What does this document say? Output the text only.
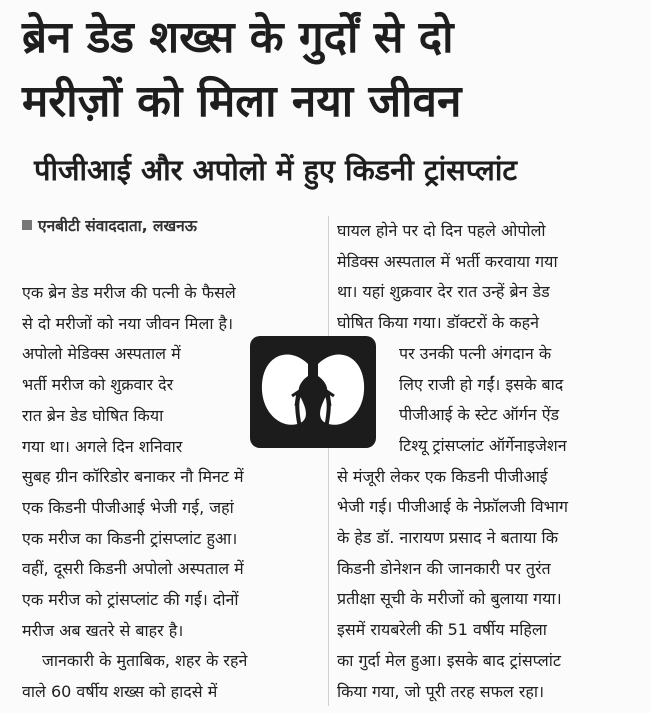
ब्रेन डेड शख्स के गुर्दों से दो
मरीज़ों को मिला नया जीवन
पीजीआई और अपोलो में हुए किडनी ट्रांसप्लांट
एनबीटी संवाददाता, लखनऊ
एक ब्रेन डेड मरीज की पत्नी के फैसले
से दो मरीजों को नया जीवन मिला है।
अपोलो मेडिक्स अस्पताल में
भर्ती मरीज को शुक्रवार देर
रात ब्रेन डेड घोषित किया
गया था। अगले दिन शनिवार
सुबह ग्रीन कॉरिडोर बनाकर नौ मिनट में
एक किडनी पीजीआई भेजी गई, जहां
एक मरीज का किडनी ट्रांसप्लांट हुआ।
वहीं, दूसरी किडनी अपोलो अस्पताल में
एक मरीज को ट्रांसप्लांट की गई। दोनों
मरीज अब खतरे से बाहर है।
जानकारी के मुताबिक, शहर के रहने
वाले 60 वर्षीय शख्स को हादसे में
घायल होने पर दो दिन पहले ओपोलो
मेडिक्स अस्पताल में भर्ती करवाया गया
था। यहां शुक्रवार देर रात उन्हें ब्रेन डेड
घोषित किया गया। डॉक्टरों के कहने
पर उनकी पत्नी अंगदान के
लिए राजी हो गईं। इसके बाद
पीजीआई के स्टेट ऑर्गन ऐंड
टिश्यू ट्रांसप्लांट ऑर्गेनाइजेशन
से मंजूरी लेकर एक किडनी पीजीआई
भेजी गई। पीजीआई के नेफ्रॉलजी विभाग
के हेड डॉ. नारायण प्रसाद ने बताया कि
किडनी डोनेशन की जानकारी पर तुरंत
प्रतीक्षा सूची के मरीजों को बुलाया गया।
इसमें रायबरेली की 51 वर्षीय महिला
का गुर्दा मेल हुआ। इसके बाद ट्रांसप्लांट
किया गया, जो पूरी तरह सफल रहा।
